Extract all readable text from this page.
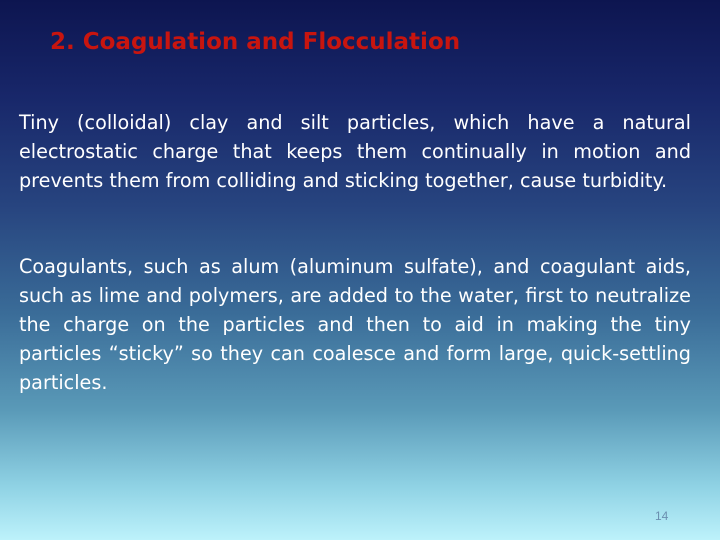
2. Coagulation and Flocculation

Tiny (colloidal) clay and silt particles, which have a natural electrostatic charge that keeps them continually in motion and prevents them from colliding and sticking together, cause turbidity.

Coagulants, such as alum (aluminum sulfate), and coagulant aids, such as lime and polymers, are added to the water, first to neutralize the charge on the particles and then to aid in making the tiny particles “sticky” so they can coalesce and form large, quick-settling particles.

14
